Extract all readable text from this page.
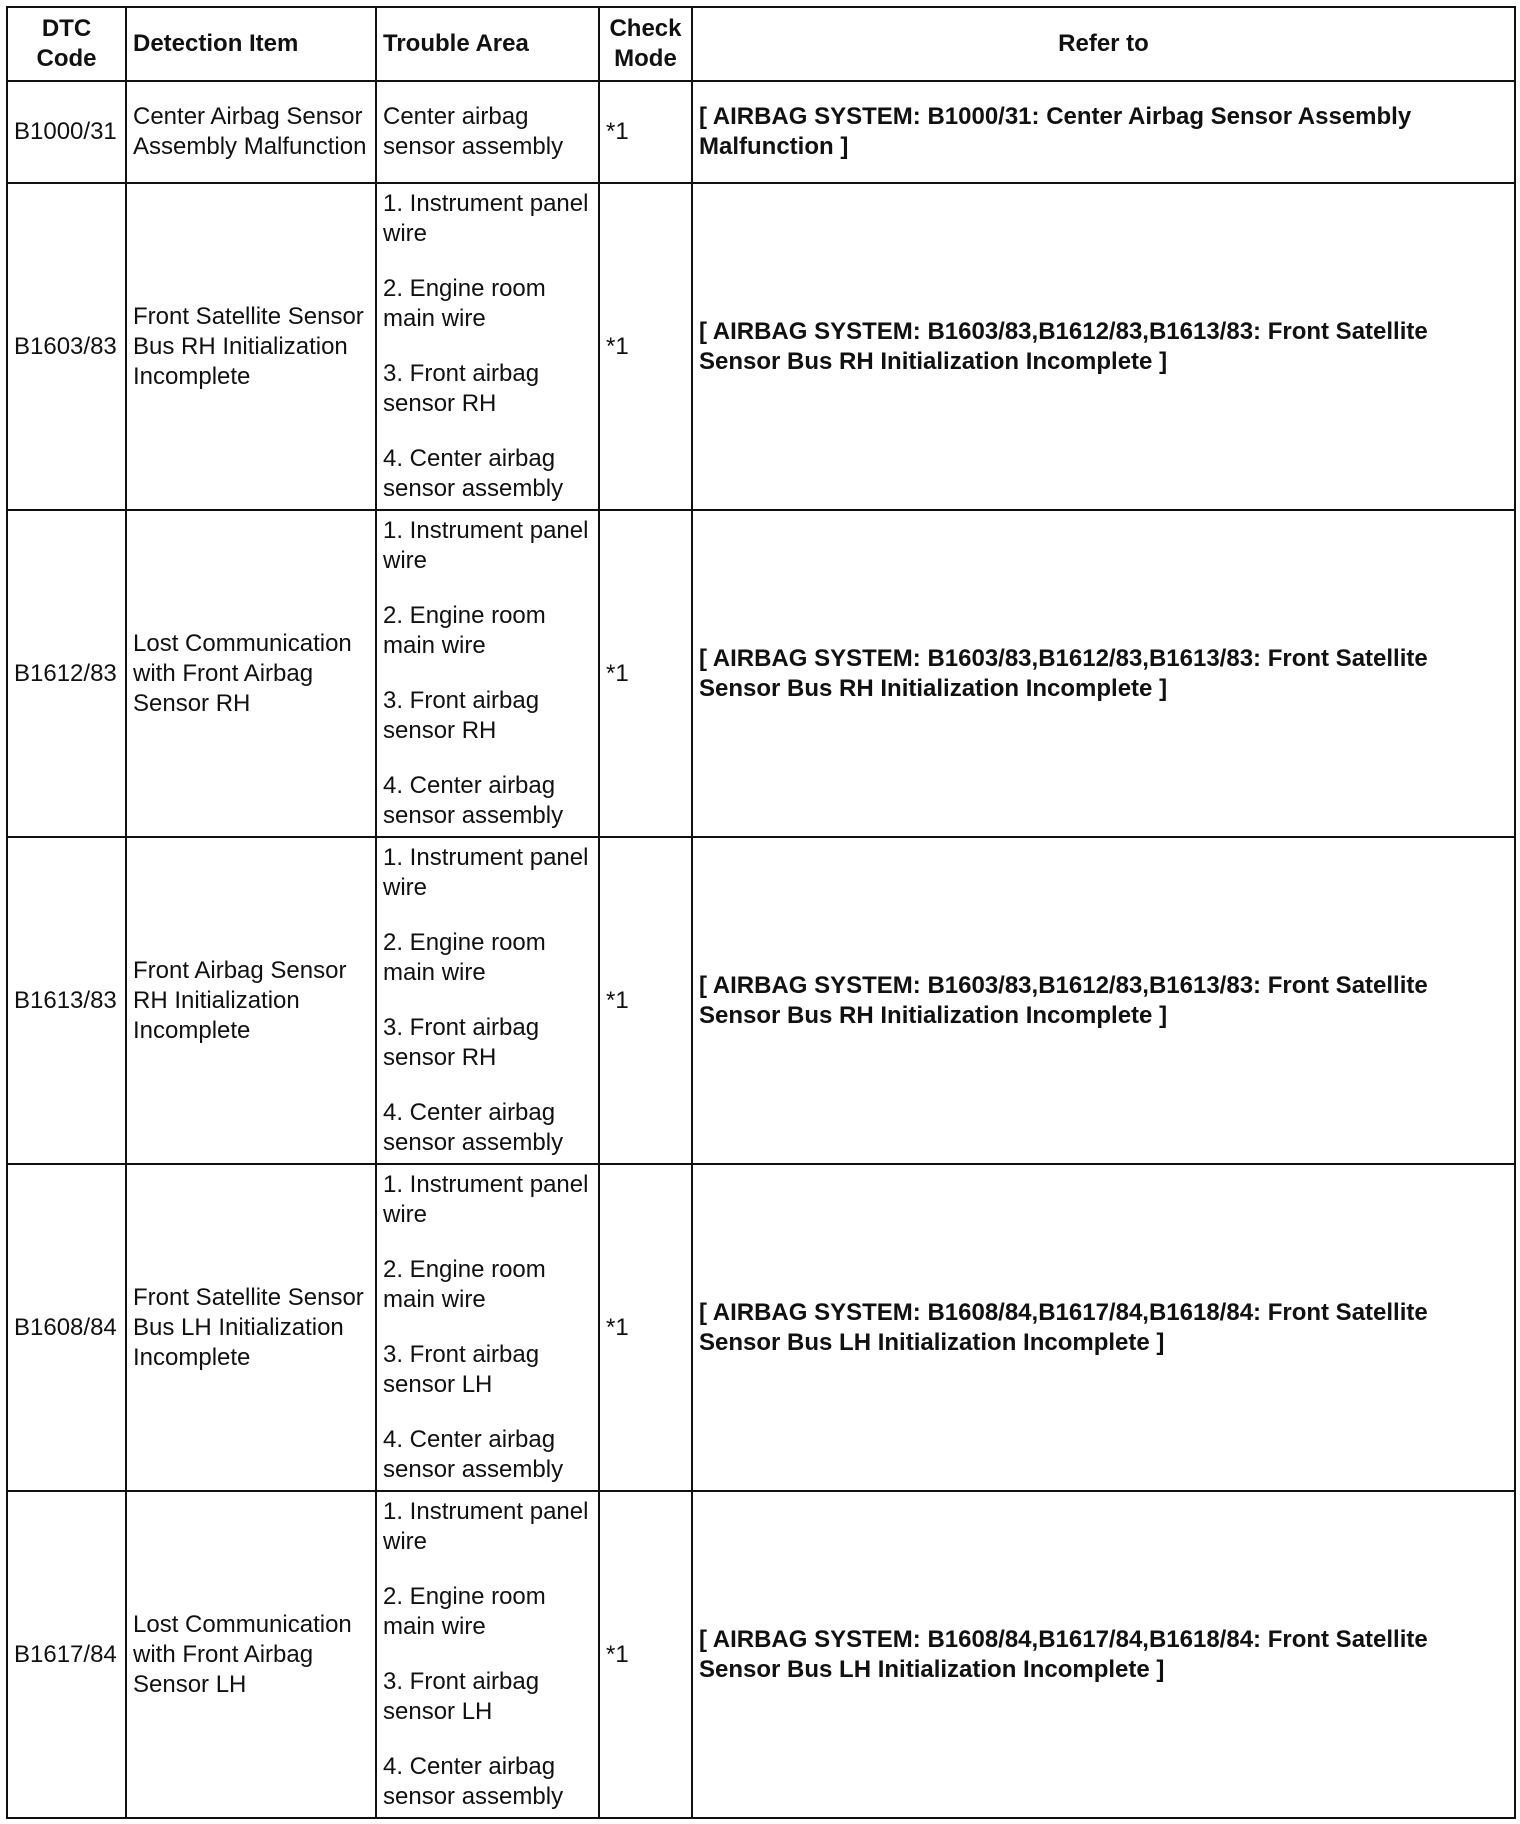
DTC Code	Detection Item	Trouble Area	Check Mode	Refer to
B1000/31	Center Airbag Sensor Assembly Malfunction	Center airbag sensor assembly	*1	[ AIRBAG SYSTEM: B1000/31: Center Airbag Sensor Assembly Malfunction ]

B1603/83	Front Satellite Sensor Bus RH Initialization Incomplete	1. Instrument panel wire
2. Engine room main wire
3. Front airbag sensor RH
4. Center airbag sensor assembly	*1	[ AIRBAG SYSTEM: B1603/83,B1612/83,B1613/83: Front Satellite Sensor Bus RH Initialization Incomplete ]

B1612/83	Lost Communication with Front Airbag Sensor RH	1. Instrument panel wire
2. Engine room main wire
3. Front airbag sensor RH
4. Center airbag sensor assembly	*1	[ AIRBAG SYSTEM: B1603/83,B1612/83,B1613/83: Front Satellite Sensor Bus RH Initialization Incomplete ]

B1613/83	Front Airbag Sensor RH Initialization Incomplete	1. Instrument panel wire
2. Engine room main wire
3. Front airbag sensor RH
4. Center airbag sensor assembly	*1	[ AIRBAG SYSTEM: B1603/83,B1612/83,B1613/83: Front Satellite Sensor Bus RH Initialization Incomplete ]

B1608/84	Front Satellite Sensor Bus LH Initialization Incomplete	1. Instrument panel wire
2. Engine room main wire
3. Front airbag sensor LH
4. Center airbag sensor assembly	*1	[ AIRBAG SYSTEM: B1608/84,B1617/84,B1618/84: Front Satellite Sensor Bus LH Initialization Incomplete ]

B1617/84	Lost Communication with Front Airbag Sensor LH	1. Instrument panel wire
2. Engine room main wire
3. Front airbag sensor LH
4. Center airbag sensor assembly	*1	[ AIRBAG SYSTEM: B1608/84,B1617/84,B1618/84: Front Satellite Sensor Bus LH Initialization Incomplete ]
